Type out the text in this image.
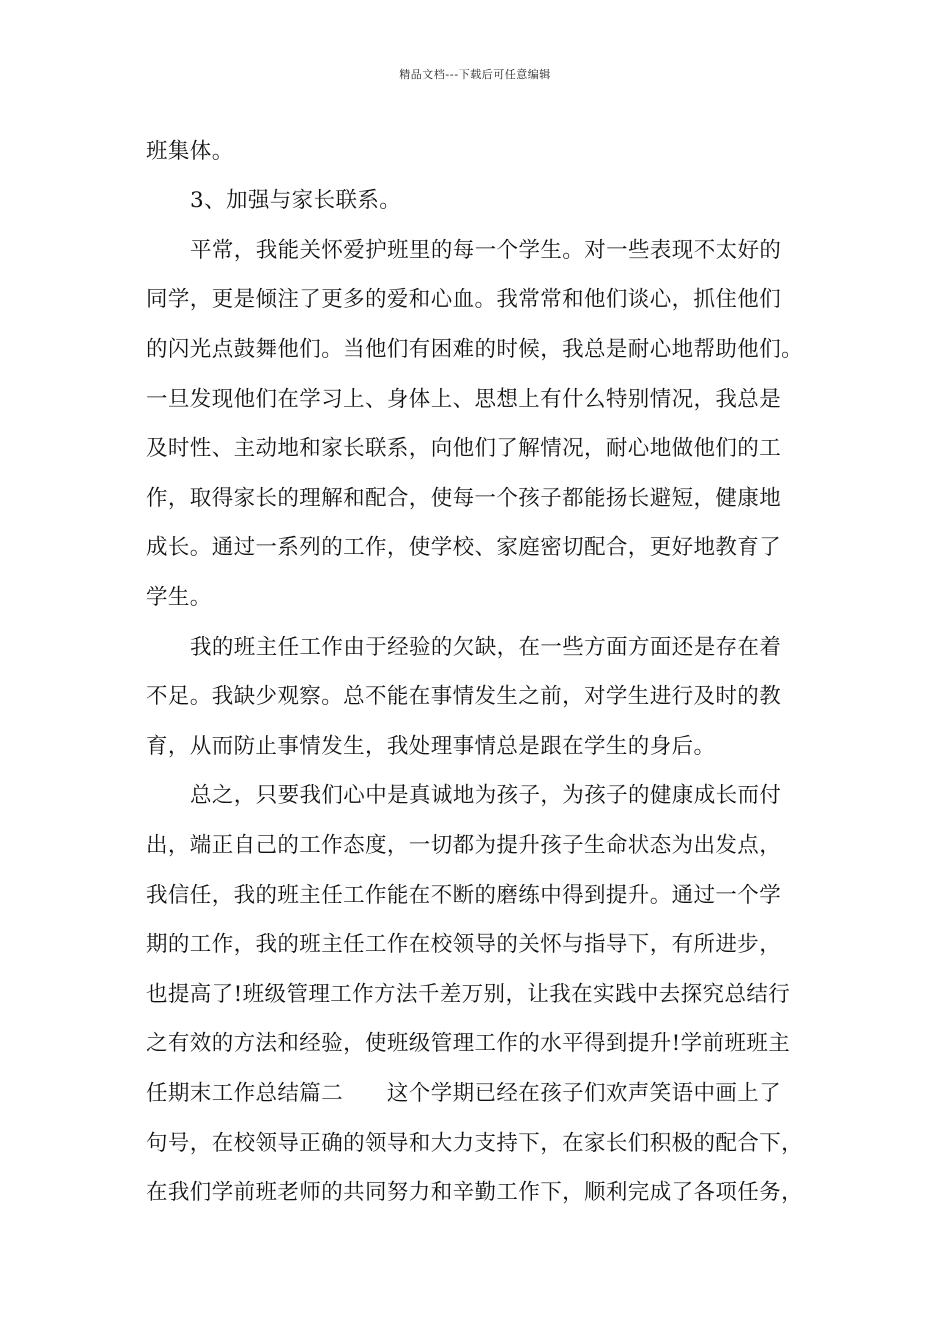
精品文档---下载后可任意编辑
班集体。
3、加强与家长联系。
平常，我能关怀爱护班里的每一个学生。对一些表现不太好的
同学，更是倾注了更多的爱和心血。我常常和他们谈心，抓住他们
的闪光点鼓舞他们。当他们有困难的时候，我总是耐心地帮助他们。
一旦发现他们在学习上、身体上、思想上有什么特别情况，我总是
及时性、主动地和家长联系，向他们了解情况，耐心地做他们的工
作，取得家长的理解和配合，使每一个孩子都能扬长避短，健康地
成长。通过一系列的工作，使学校、家庭密切配合，更好地教育了
学生。
我的班主任工作由于经验的欠缺，在一些方面方面还是存在着
不足。我缺少观察。总不能在事情发生之前，对学生进行及时的教
育，从而防止事情发生，我处理事情总是跟在学生的身后。
总之，只要我们心中是真诚地为孩子，为孩子的健康成长而付
出，端正自己的工作态度，一切都为提升孩子生命状态为出发点，
我信任，我的班主任工作能在不断的磨练中得到提升。通过一个学
期的工作，我的班主任工作在校领导的关怀与指导下，有所进步，
也提高了!班级管理工作方法千差万别，让我在实践中去探究总结行
之有效的方法和经验，使班级管理工作的水平得到提升!学前班班主
任期末工作总结篇二　　这个学期已经在孩子们欢声笑语中画上了
句号，在校领导正确的领导和大力支持下，在家长们积极的配合下，
在我们学前班老师的共同努力和辛勤工作下，顺利完成了各项任务，
